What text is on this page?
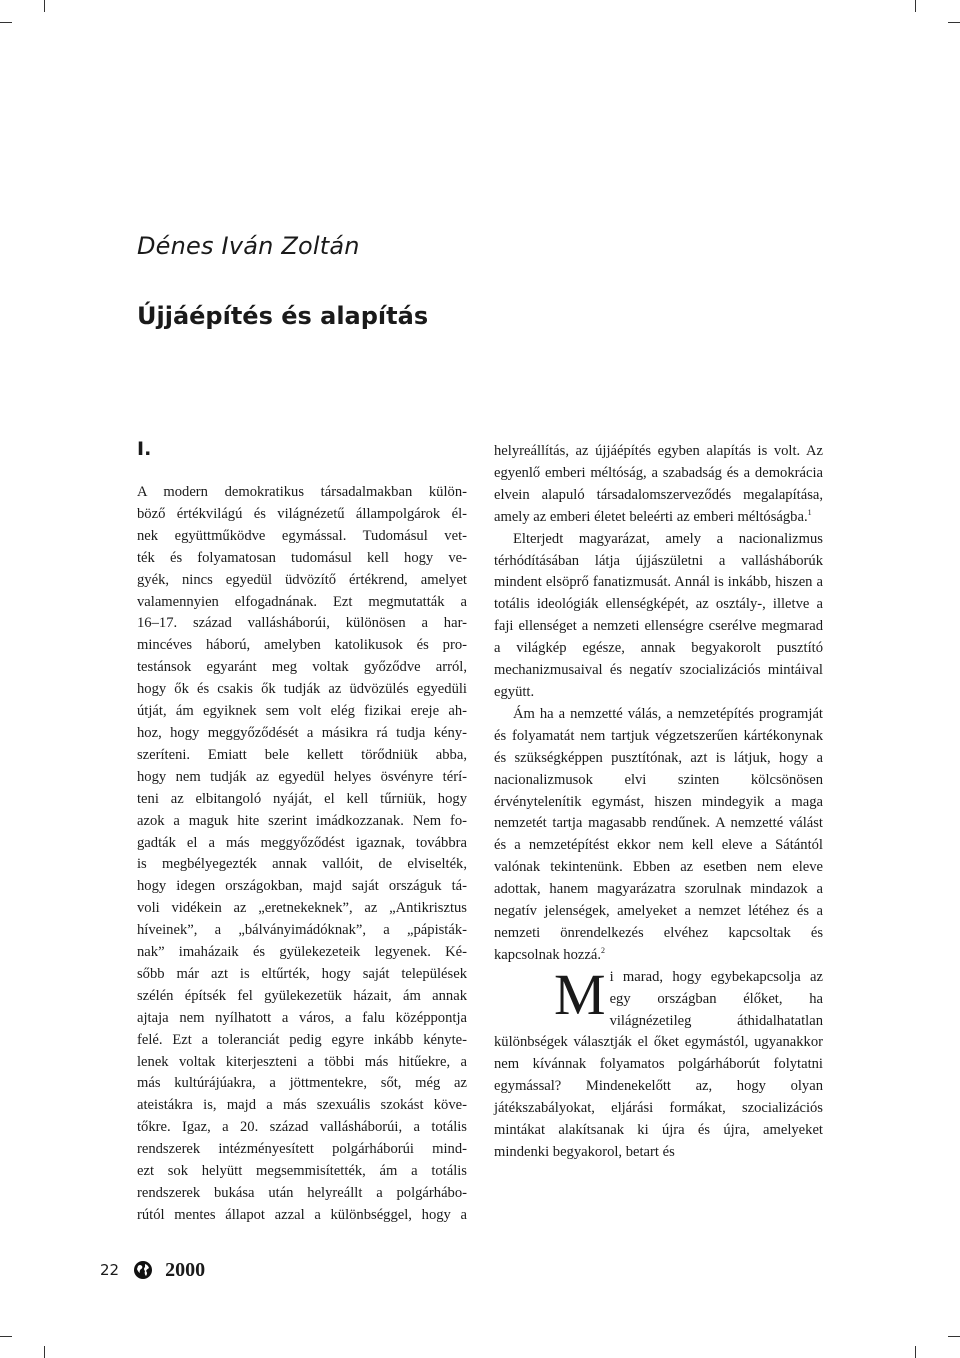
Dénes Iván Zoltán
Újjáépítés és alapítás
I.
A modern demokratikus társadalmakban külön-
böző értékvilágú és világnézetű állampolgárok él-
nek együttműködve egymással. Tudomásul vet-
ték és folyamatosan tudomásul kell hogy ve-
gyék, nincs egyedül üdvözítő értékrend, amelyet
valamennyien elfogadnának. Ezt megmutatták a
16–17. század vallásháborúi, különösen a har-
mincéves háború, amelyben katolikusok és pro-
testánsok egyaránt meg voltak győződve arról,
hogy ők és csakis ők tudják az üdvözülés egyedüli
útját, ám egyiknek sem volt elég fizikai ereje ah-
hoz, hogy meggyőződését a másikra rá tudja kény-
szeríteni. Emiatt bele kellett törődniük abba,
hogy nem tudják az egyedül helyes ösvényre térí-
teni az elbitangoló nyáját, el kell tűrniük, hogy
azok a maguk hite szerint imádkozzanak. Nem fo-
gadták el a más meggyőződést igaznak, továbbra
is megbélyegezték annak vallóit, de elviselték,
hogy idegen országokban, majd saját országuk tá-
voli vidékein az „eretnekeknek”, az „Antikrisztus
híveinek”, a „bálványimádóknak”, a „pápisták-
nak” imaházaik és gyülekezeteik legyenek. Ké-
sőbb már azt is eltűrték, hogy saját települések
szélén építsék fel gyülekezetük házait, ám annak
ajtaja nem nyílhatott a város, a falu középpontja
felé. Ezt a toleranciát pedig egyre inkább kényte-
lenek voltak kiterjeszteni a többi más hitűekre, a
más kultúrájúakra, a jöttmentekre, sőt, még az
ateistákra is, majd a más szexuális szokást köve-
tőkre. Igaz, a 20. század vallásháborúi, a totális
rendszerek intézményesített polgárháborúi mind-
ezt sok helyütt megsemmisítették, ám a totális
rendszerek bukása után helyreállt a polgárhábo-
rútól mentes állapot azzal a különbséggel, hogy a

helyreállítás, az újjáépítés egyben alapítás is volt. Az egyenlő emberi méltóság, a szabadság és a demokrácia elvein alapuló társadalomszerveződés megalapítása, amely az emberi életet beleérti az emberi méltóságba.$^1$

Elterjedt magyarázat, amely a nacionalizmus térhódításában látja újjászületni a vallásháborúk mindent elsöprő fanatizmusát. Annál is inkább, hiszen a totális ideológiák ellenségképét, az osztály-, illetve a faji ellenséget a nemzeti ellenségre cserélve megmarad a világkép egésze, annak begyakorolt pusztító mechanizmusaival és negatív szocializációs mintáival együtt.

Ám ha a nemzetté válás, a nemzetépítés programját és folyamatát nem tartjuk végzetszerűen kártékonynak és szükségképpen pusztítónak, azt is látjuk, hogy a nacionalizmusok elvi szinten kölcsönösen érvénytelenítik egymást, hiszen mindegyik a maga nemzetét tartja magasabb rendűnek. A nemzetté válást és a nemzetépítést ekkor nem kell eleve a Sátántól valónak tekintenünk. Ebben az esetben nem eleve adottak, hanem magyarázatra szorulnak mindazok a negatív jelenségek, amelyeket a nemzet létéhez és a nemzeti önrendelkezés elvéhez kapcsoltak és kapcsolnak hozzá.$^2$

Mi marad, hogy egybekapcsolja az egy országban élőket, ha világnézetileg áthidalhatatlan különbségek választják el őket egymástól, ugyanakkor nem kívánnak folyamatos polgárháborút folytatni egymással? Mindenekelőtt az, hogy olyan játékszabályokat, eljárási formákat, szocializációs mintákat alakítsanak ki újra és újra, amelyeket mindenki begyakorol, betart és

22 2000
